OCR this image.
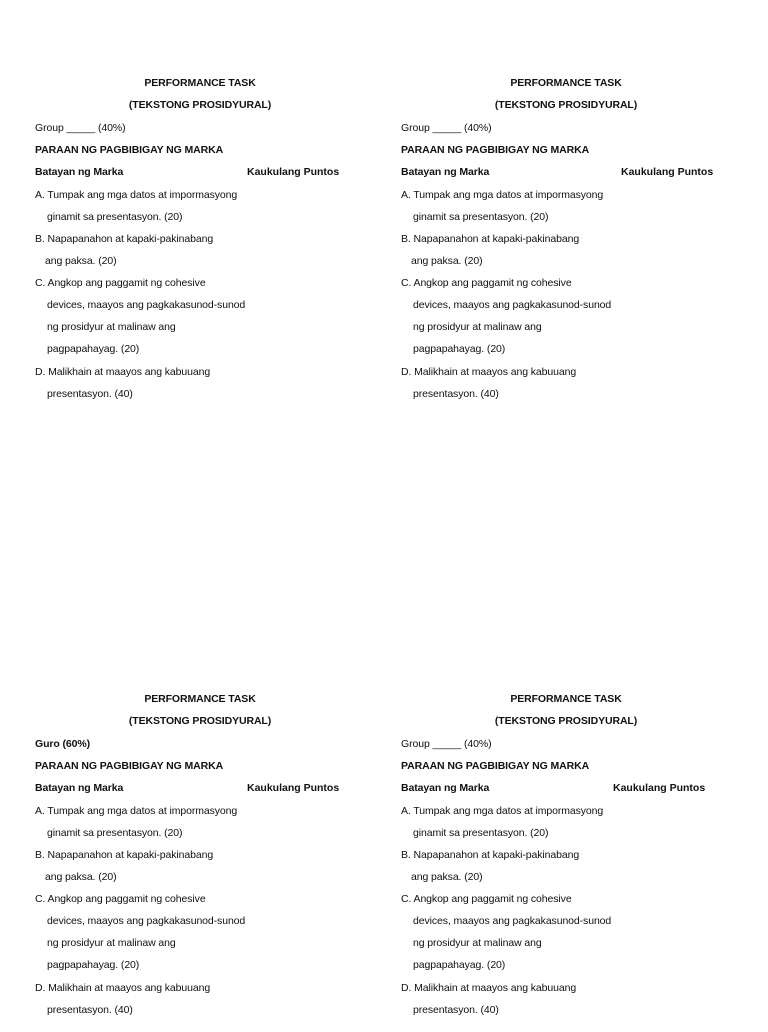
PERFORMANCE TASK
(TEKSTONG PROSIDYURAL)
Group _____ (40%)
PARAAN NG PAGBIBIGAY NG MARKA
Batayan ng Marka	Kaukulang Puntos
A. Tumpak ang mga datos at impormasyong
ginamit sa presentasyon. (20)
B. Napapanahon at kapaki-pakinabang
ang paksa. (20)
C. Angkop ang paggamit ng cohesive
devices, maayos ang pagkakasunod-sunod
ng prosidyur at malinaw ang
pagpapahayag. (20)
D. Malikhain at maayos ang kabuuang
presentasyon. (40)
PERFORMANCE TASK
(TEKSTONG PROSIDYURAL)
Group _____ (40%)
PARAAN NG PAGBIBIGAY NG MARKA
Batayan ng Marka	Kaukulang Puntos
A. Tumpak ang mga datos at impormasyong
ginamit sa presentasyon. (20)
B. Napapanahon at kapaki-pakinabang
ang paksa. (20)
C. Angkop ang paggamit ng cohesive
devices, maayos ang pagkakasunod-sunod
ng prosidyur at malinaw ang
pagpapahayag. (20)
D. Malikhain at maayos ang kabuuang
presentasyon. (40)
PERFORMANCE TASK
(TEKSTONG PROSIDYURAL)
Guro (60%)
PARAAN NG PAGBIBIGAY NG MARKA
Batayan ng Marka	Kaukulang Puntos
A. Tumpak ang mga datos at impormasyong
ginamit sa presentasyon. (20)
B. Napapanahon at kapaki-pakinabang
ang paksa. (20)
C. Angkop ang paggamit ng cohesive
devices, maayos ang pagkakasunod-sunod
ng prosidyur at malinaw ang
pagpapahayag. (20)
D. Malikhain at maayos ang kabuuang
presentasyon. (40)
PERFORMANCE TASK
(TEKSTONG PROSIDYURAL)
Group _____ (40%)
PARAAN NG PAGBIBIGAY NG MARKA
Batayan ng Marka	Kaukulang Puntos
A. Tumpak ang mga datos at impormasyong
ginamit sa presentasyon. (20)
B. Napapanahon at kapaki-pakinabang
ang paksa. (20)
C. Angkop ang paggamit ng cohesive
devices, maayos ang pagkakasunod-sunod
ng prosidyur at malinaw ang
pagpapahayag. (20)
D. Malikhain at maayos ang kabuuang
presentasyon. (40)
